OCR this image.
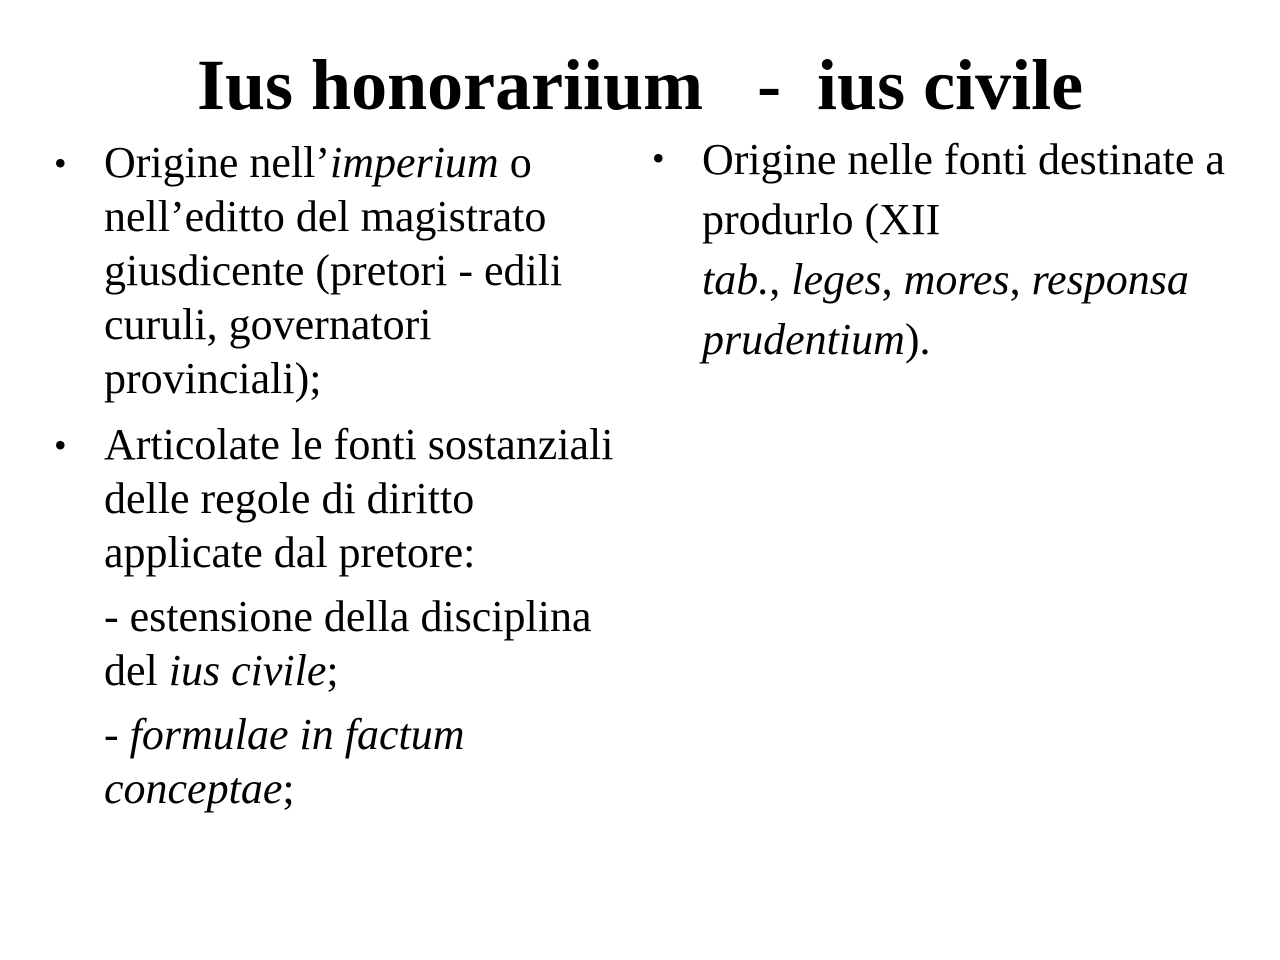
Ius honorariium   -  ius civile
• Origine nell’imperium o nell’editto del magistrato giusdicente (pretori - edili curuli, governatori provinciali);
• Articolate le fonti sostanziali delle regole di diritto applicate dal pretore:
- estensione della disciplina del ius civile;
- formulae in factum conceptae;
• Origine nelle fonti destinate a produrlo (XII
tab., leges, mores, responsa prudentium).
